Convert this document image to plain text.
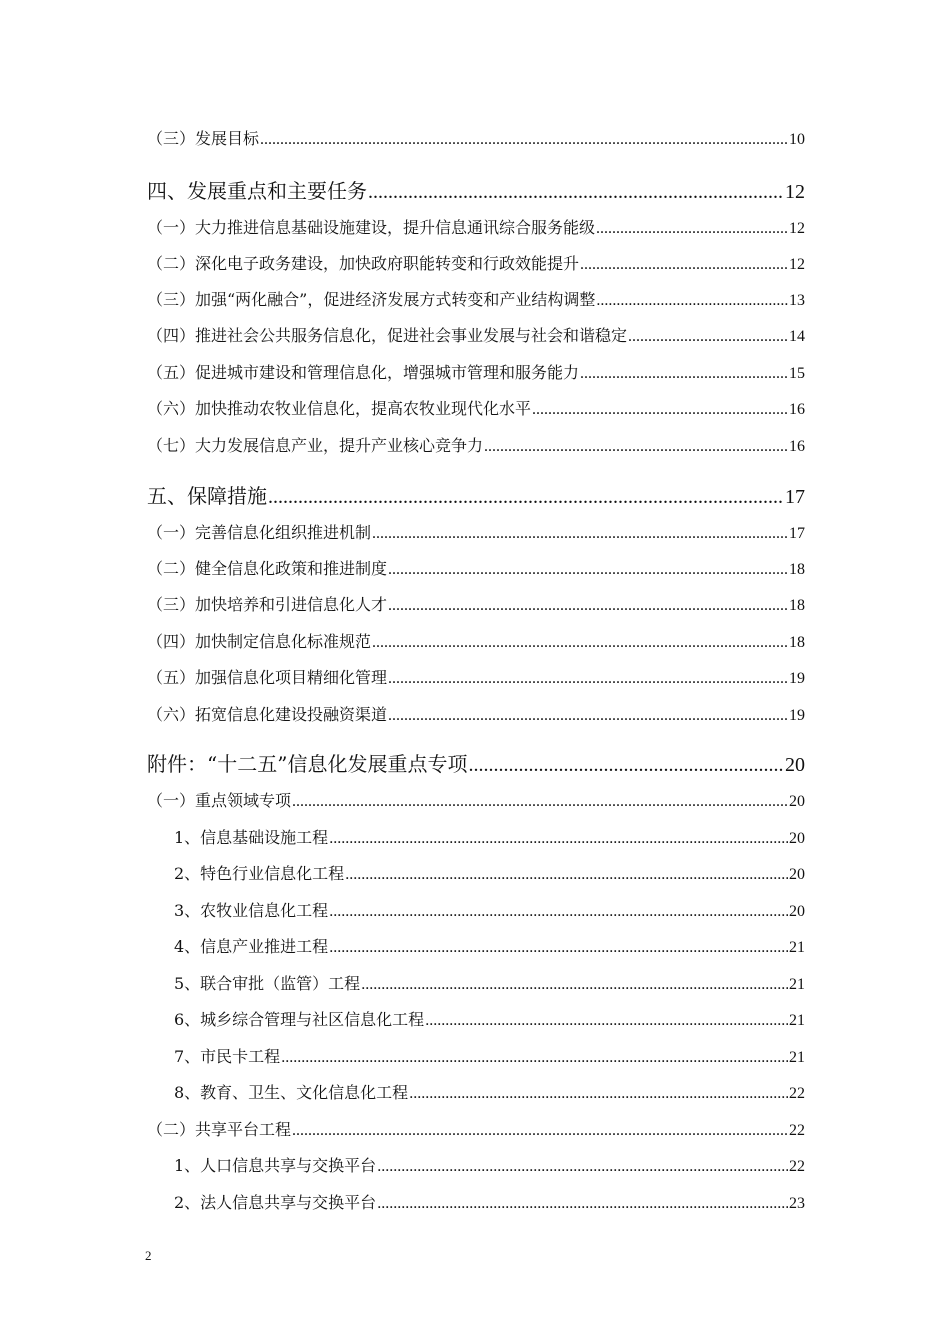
（三）发展目标 .....	10
四、发展重点和主要任务 .....	12
（一）大力推进信息基础设施建设，提升信息通讯综合服务能级 .....	12
（二）深化电子政务建设，加快政府职能转变和行政效能提升 .....	12
（三）加强“两化融合”，促进经济发展方式转变和产业结构调整 .....	13
（四）推进社会公共服务信息化，促进社会事业发展与社会和谐稳定 .....	14
（五）促进城市建设和管理信息化，增强城市管理和服务能力 .....	15
（六）加快推动农牧业信息化，提高农牧业现代化水平 .....	16
（七）大力发展信息产业，提升产业核心竞争力 .....	16
五、保障措施 .....	17
（一）完善信息化组织推进机制 .....	17
（二）健全信息化政策和推进制度 .....	18
（三）加快培养和引进信息化人才 .....	18
（四）加快制定信息化标准规范 .....	18
（五）加强信息化项目精细化管理 .....	19
（六）拓宽信息化建设投融资渠道 .....	19
附件：“十二五”信息化发展重点专项 .....	20
（一）重点领域专项 .....	20
1、信息基础设施工程 .....	20
2、特色行业信息化工程 .....	20
3、农牧业信息化工程 .....	20
4、信息产业推进工程 .....	21
5、联合审批（监管）工程 .....	21
6、城乡综合管理与社区信息化工程 .....	21
7、市民卡工程 .....	21
8、教育、卫生、文化信息化工程 .....	22
（二）共享平台工程 .....	22
1、人口信息共享与交换平台 .....	22
2、法人信息共享与交换平台 .....	23
2
